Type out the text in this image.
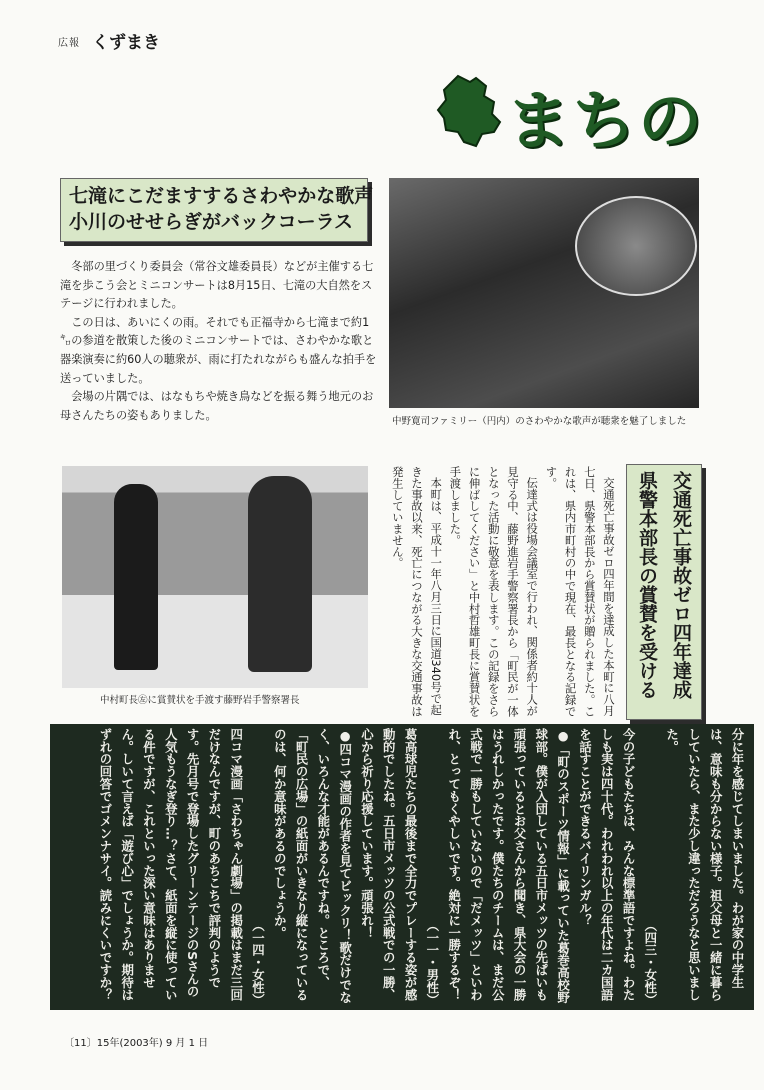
広報 くずまき
まちの
七滝にこだますするさわやかな歌声
小川のせせらぎがバックコーラス

冬部の里づくり委員会（常谷文雄委員長）などが主催する七滝を歩こう会とミニコンサートは8月15日、七滝の大自然をステージに行われました。

この日は、あいにくの雨。それでも正福寺から七滝まで約1㌔の参道を散策した後のミニコンサートでは、さわやかな歌と器楽演奏に約60人の聴衆が、雨に打たれながらも盛んな拍手を送っていました。

会場の片隅では、はなもちや焼き鳥などを振る舞う地元のお母さんたちの姿もありました。	中野寛司ファミリー（円内）のさわやかな歌声が聴衆を魅了しました
中村町長㊧に賞賛状を手渡す藤野岩手警察署長
交通死亡事故ゼロ四年達成
県警本部長の賞賛を受ける

交通死亡事故ゼロ四年間を達成した本町に八月七日、県警本部長から賞賛状が贈られました。これは、県内市町村の中で現在、最長となる記録です。

伝達式は役場会議室で行われ、関係者約十人が見守る中、藤野進岩手警察署長から「町民が一体となった活動に敬意を表します。この記録をさらに伸ばしてください」と中村哲雄町長に賞賛状を手渡しました。

本町は、平成十一年八月三日に国道340号で起きた事故以来、死亡につながる大きな交通事故は発生していません。

分に年を感じてしまいました。わが家の中学生は、意味も分からない様子。祖父母と一緒に暮らしていたら、また少し違っただろうなと思いました。

（四三・女性）

今の子どもたちは、みんな標準語ですよね。わたしも実は四十代。われわれ以上の年代は二カ国語を話すことができるバイリンガル？

●「町のスポーツ情報」に載っていた葛巻高校野球部。僕が入団している五日市メッツの先ぱいも頑張っているとお父さんから聞き、県大会の一勝はうれしかったです。僕たちのチームは、まだ公式戦で一勝もしていないので「だメッツ」といわれ、とってもくやしいです。絶対に一勝するぞ！

（一一・男性）

葛高球児たちの最後まで全力でプレーする姿が感動的でしたね。五日市メッツの公式戦での一勝、心から祈り応援しています。頑張れ！

●四コマ漫画の作者を見てビックリ！歌だけでなく、いろんな才能があるんですね。ところで、「町民の広場」の紙面がいきなり縦になっているのは、何か意味があるのでしょうか。

（一四・女性）

四コマ漫画「さわちゃん劇場」の掲載はまだ三回だけなんですが、町のあちこちで評判のようです。先月号で登場したグリーンテージのSさんの人気もうなぎ登り…？さて、紙面を縦に使っている件ですが、これといった深い意味はありません。しいて言えば「遊び心」でしょうか。期待はずれの回答でゴメンナサイ。読みにくいですか？

〔11〕15年(2003年) 9 月 1 日
